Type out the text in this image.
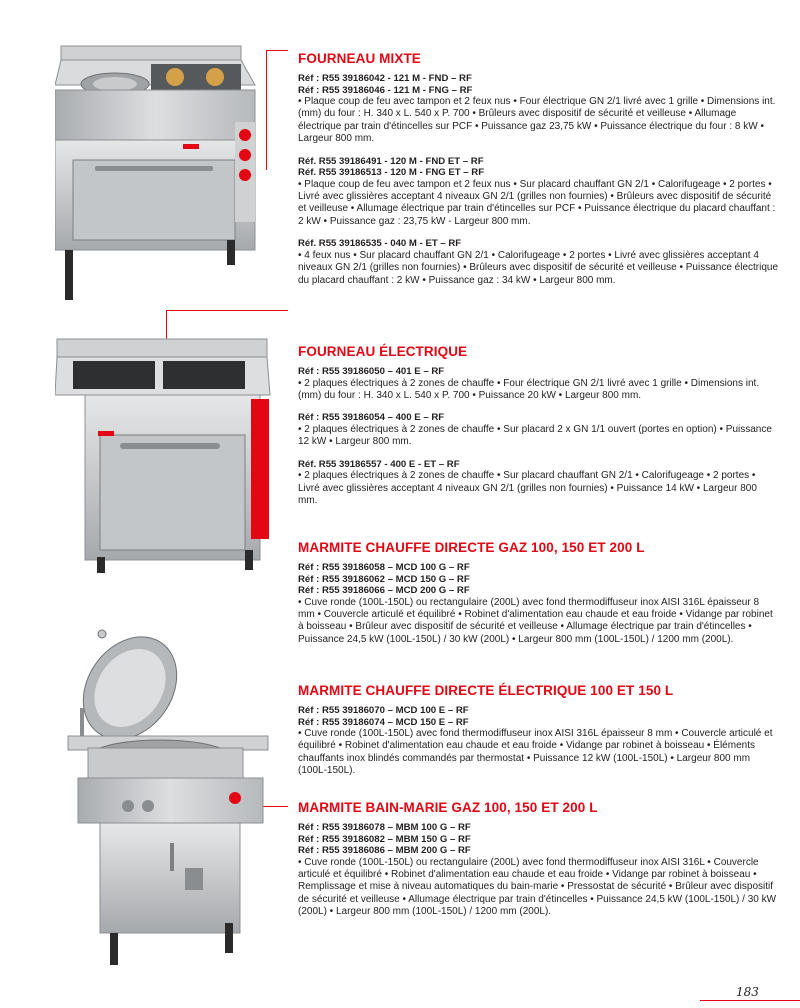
FOURNEAU MIXTE
Réf : R55 39186042 - 121 M - FND – RF
Réf : R55 39186046 - 121 M - FNG – RF
• Plaque coup de feu avec tampon et 2 feux nus • Four électrique GN 2/1 livré avec 1 grille • Dimensions int. (mm) du four : H. 340 x L. 540 x P. 700 • Brûleurs avec dispositif de sécurité et veilleuse • Allumage électrique par train d'étincelles sur PCF • Puissance gaz 23,75 kW • Puissance électrique du four : 8 kW • Largeur 800 mm.
Réf. R55 39186491 - 120 M - FND ET – RF
Réf. R55 39186513 - 120 M - FNG ET – RF
• Plaque coup de feu avec tampon et 2 feux nus • Sur placard chauffant GN 2/1 • Calorifugeage • 2 portes • Livré avec glissières acceptant 4 niveaux GN 2/1 (grilles non fournies) • Brûleurs avec dispositif de sécurité et veilleuse • Allumage électrique par train d'étincelles sur PCF • Puissance électrique du placard chauffant : 2 kW • Puissance gaz : 23,75 kW - Largeur 800 mm.
Réf. R55 39186535 - 040 M - ET – RF
• 4 feux nus • Sur placard chauffant GN 2/1 • Calorifugeage • 2 portes • Livré avec glissières acceptant 4 niveaux GN 2/1 (grilles non fournies) • Brûleurs avec dispositif de sécurité et veilleuse • Puissance électrique du placard chauffant : 2 kW • Puissance gaz : 34 kW • Largeur 800 mm.
FOURNEAU ÉLECTRIQUE
Réf : R55 39186050 – 401 E – RF
• 2 plaques électriques à 2 zones de chauffe • Four électrique GN 2/1 livré avec 1 grille • Dimensions int. (mm) du four : H. 340 x L. 540 x P. 700 • Puissance 20 kW • Largeur 800 mm.
Réf : R55 39186054 – 400 E – RF
• 2 plaques électriques à 2 zones de chauffe • Sur placard 2 x GN 1/1 ouvert (portes en option) • Puissance 12 kW • Largeur 800 mm.
Réf. R55 39186557 - 400 E - ET – RF
• 2 plaques électriques à 2 zones de chauffe • Sur placard chauffant GN 2/1 • Calorifugeage • 2 portes • Livré avec glissières acceptant 4 niveaux GN 2/1 (grilles non fournies) • Puissance 14 kW • Largeur 800 mm.
MARMITE CHAUFFE DIRECTE GAZ 100, 150 ET 200 L
Réf : R55 39186058 – MCD 100 G – RF
Réf : R55 39186062 – MCD 150 G – RF
Réf : R55 39186066 – MCD 200 G – RF
• Cuve ronde (100L-150L) ou rectangulaire (200L) avec fond thermodiffuseur inox AISI 316L épaisseur 8 mm • Couvercle articulé et équilibré • Robinet d'alimentation eau chaude et eau froide • Vidange par robinet à boisseau • Brûleur avec dispositif de sécurité et veilleuse • Allumage électrique par train d'étincelles • Puissance 24,5 kW (100L-150L) / 30 kW (200L) • Largeur 800 mm (100L-150L) / 1200 mm (200L).
MARMITE CHAUFFE DIRECTE ÉLECTRIQUE 100 ET 150 L
Réf : R55 39186070 – MCD 100 E – RF
Réf : R55 39186074 – MCD 150 E – RF
• Cuve ronde (100L-150L) avec fond thermodiffuseur inox AISI 316L épaisseur 8 mm • Couvercle articulé et équilibré • Robinet d'alimentation eau chaude et eau froide • Vidange par robinet à boisseau • Éléments chauffants inox blindés commandés par thermostat • Puissance 12 kW (100L-150L) • Largeur 800 mm (100L-150L).
MARMITE BAIN-MARIE GAZ 100, 150 ET 200 L
Réf : R55 39186078 – MBM 100 G – RF
Réf : R55 39186082 – MBM 150 G – RF
Réf : R55 39186086 – MBM 200 G – RF
• Cuve ronde (100L-150L) ou rectangulaire (200L) avec fond thermodiffuseur inox AISI 316L • Couvercle articulé et équilibré • Robinet d'alimentation eau chaude et eau froide • Vidange par robinet à boisseau • Remplissage et mise à niveau automatiques du bain-marie • Pressostat de sécurité • Brûleur avec dispositif de sécurité et veilleuse • Allumage électrique par train d'étincelles • Puissance 24,5 kW (100L-150L) / 30 kW (200L) • Largeur 800 mm (100L-150L) / 1200 mm (200L).
183
